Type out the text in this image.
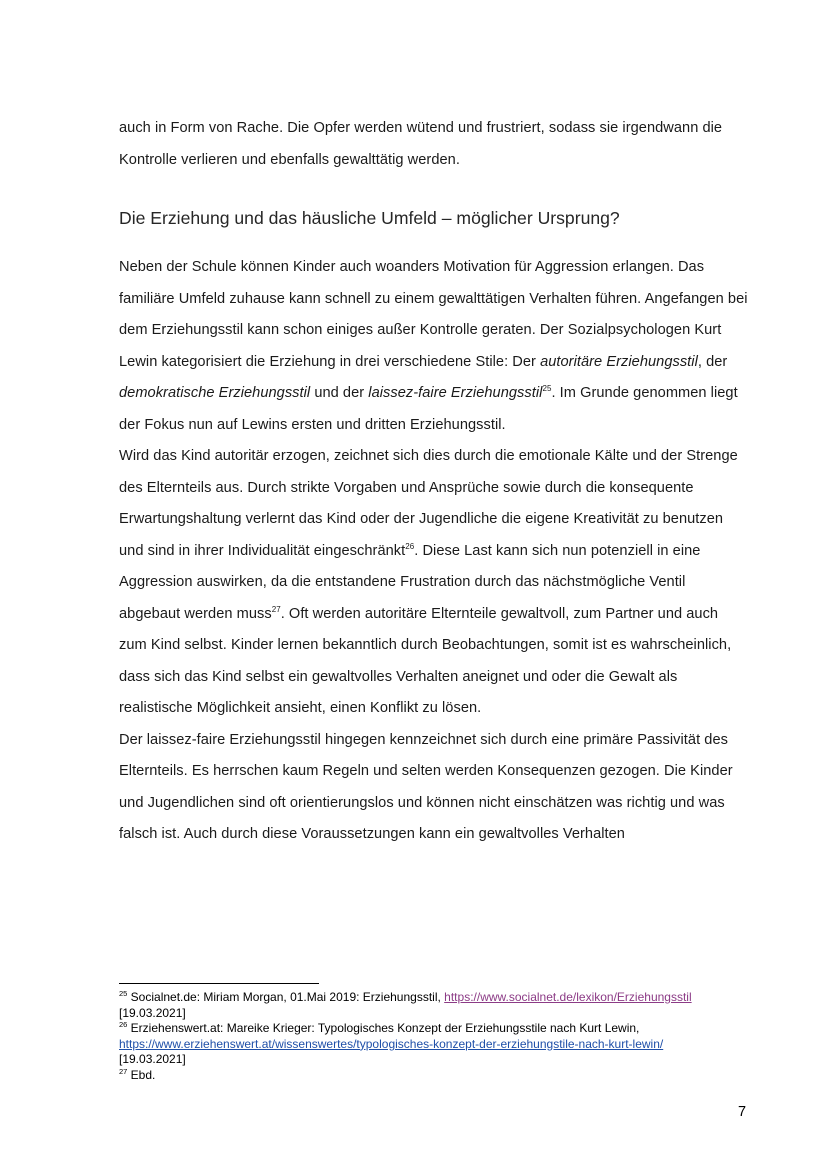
auch in Form von Rache. Die Opfer werden wütend und frustriert, sodass sie irgendwann die Kontrolle verlieren und ebenfalls gewalttätig werden.

Die Erziehung und das häusliche Umfeld – möglicher Ursprung?

Neben der Schule können Kinder auch woanders Motivation für Aggression erlangen. Das familiäre Umfeld zuhause kann schnell zu einem gewalttätigen Verhalten führen. Angefangen bei dem Erziehungsstil kann schon einiges außer Kontrolle geraten. Der Sozialpsychologen Kurt Lewin kategorisiert die Erziehung in drei verschiedene Stile: Der autoritäre Erziehungsstil, der demokratische Erziehungsstil und der laissez-faire Erziehungsstil$^{25}$. Im Grunde genommen liegt der Fokus nun auf Lewins ersten und dritten Erziehungsstil.

Wird das Kind autoritär erzogen, zeichnet sich dies durch die emotionale Kälte und der Strenge des Elternteils aus. Durch strikte Vorgaben und Ansprüche sowie durch die konsequente Erwartungshaltung verlernt das Kind oder der Jugendliche die eigene Kreativität zu benutzen und sind in ihrer Individualität eingeschränkt$^{26}$. Diese Last kann sich nun potenziell in eine Aggression auswirken, da die entstandene Frustration durch das nächstmögliche Ventil abgebaut werden muss$^{27}$. Oft werden autoritäre Elternteile gewaltvoll, zum Partner und auch zum Kind selbst. Kinder lernen bekanntlich durch Beobachtungen, somit ist es wahrscheinlich, dass sich das Kind selbst ein gewaltvolles Verhalten aneignet und oder die Gewalt als realistische Möglichkeit ansieht, einen Konflikt zu lösen.

Der laissez-faire Erziehungsstil hingegen kennzeichnet sich durch eine primäre Passivität des Elternteils. Es herrschen kaum Regeln und selten werden Konsequenzen gezogen. Die Kinder und Jugendlichen sind oft orientierungslos und können nicht einschätzen was richtig und was falsch ist. Auch durch diese Voraussetzungen kann ein gewaltvolles Verhalten

$^{25}$ Socialnet.de: Miriam Morgan, 01.Mai 2019: Erziehungsstil, https://www.socialnet.de/lexikon/Erziehungsstil
[19.03.2021]

$^{26}$ Erziehenswert.at: Mareike Krieger: Typologisches Konzept der Erziehungsstile nach Kurt Lewin,
https://www.erziehenswert.at/wissenswertes/typologisches-konzept-der-erziehungstile-nach-kurt-lewin/
[19.03.2021]

$^{27}$ Ebd.

7
